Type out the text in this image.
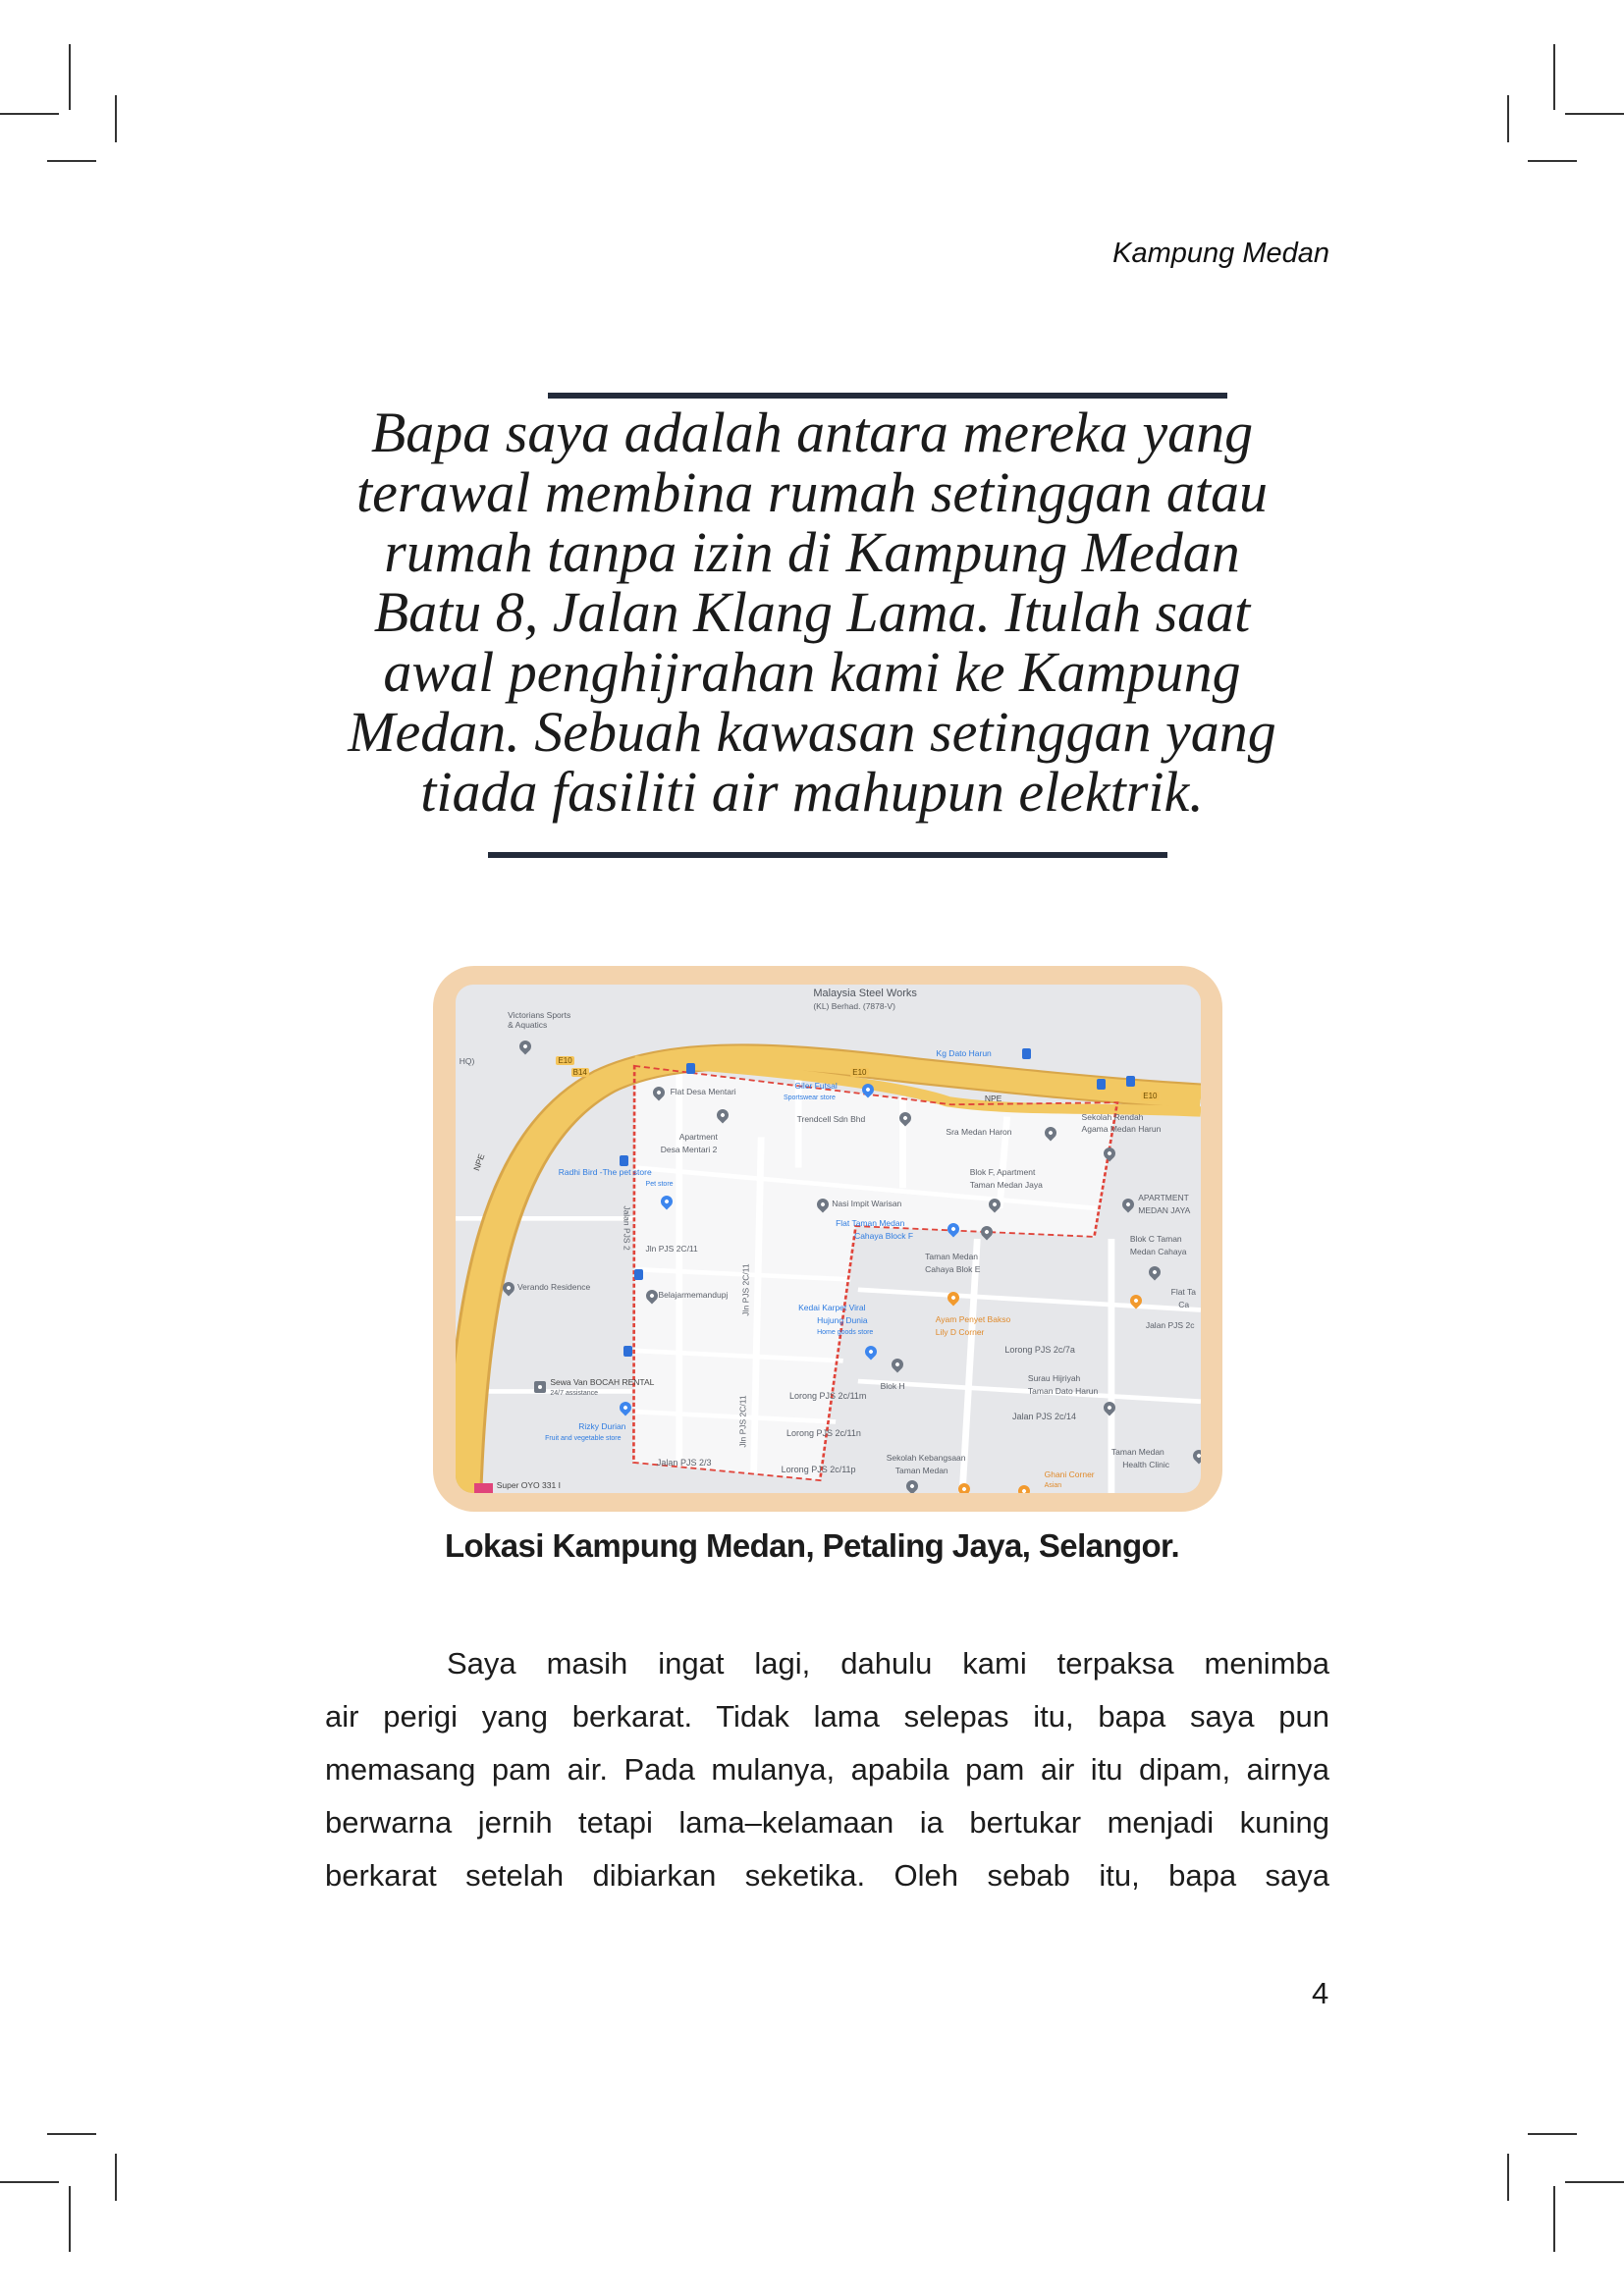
Kampung Medan
Bapa saya adalah antara mereka yang
terawal membina rumah setinggan atau
rumah tanpa izin di Kampung Medan
Batu 8, Jalan Klang Lama. Itulah saat
awal penghijrahan kami ke Kampung
Medan. Sebuah kawasan setinggan yang
tiada fasiliti air mahupun elektrik.
Malaysia Steel Works
(KL) Berhad. (7878-V)
HQ)
Victorians Sports
& Aquatics
Kg Dato Harun
E10
B14	E10
E10
Flat Desa Mentari
Giler Futsal
Sportswear store
Trendcell Sdn Bhd
Apartment
Desa Mentari 2
NPE
NPE
Sra Medan Haron
Sekolah Rendah
Agama Medan Harun
Radhi Bird -The pet store
Pet store
Blok F, Apartment
Taman Medan Jaya
Nasi Impit Warisan
APARTMENT
MEDAN JAYA
Flat Taman Medan
Cahaya Block F	Blok C Taman
Medan Cahaya
Jalan PJS 2 Jln PJS 2C/11
Taman Medan
Cahaya Blok E
Verando Residence
Belajarmemandupj Jln PJS 2C/11	Kedai Karpet Viral
Hujung Dunia
Home goods store
Ayam Penyet Bakso
Lily D Corner
Flat Ta
Ca
Jalan PJS 2c
Lorong PJS 2c/7a
Blok H
Sewa Van BOCAH RENTAL
24/7 assistance
Surau Hijriyah
Taman Dato Harun
Lorong PJS 2c/11m
Jalan PJS 2c/14
Rizky Durian
Fruit and vegetable store
Lorong PJS 2c/11n
Jln PJS 2C/11
Taman Medan
Health Clinic
Sekolah Kebangsaan
Taman Medan
Jalan PJS 2/3
Lorong PJS 2c/11p
Ghani Corner
Asian
Super OYO 331 I
Lokasi Kampung Medan, Petaling Jaya, Selangor.
Saya masih ingat lagi, dahulu kami terpaksa menimba
air perigi yang berkarat. Tidak lama selepas itu, bapa saya pun
memasang pam air. Pada mulanya, apabila pam air itu dipam, airnya
berwarna jernih tetapi lama–kelamaan ia bertukar menjadi kuning
berkarat setelah dibiarkan seketika. Oleh sebab itu, bapa saya
4
